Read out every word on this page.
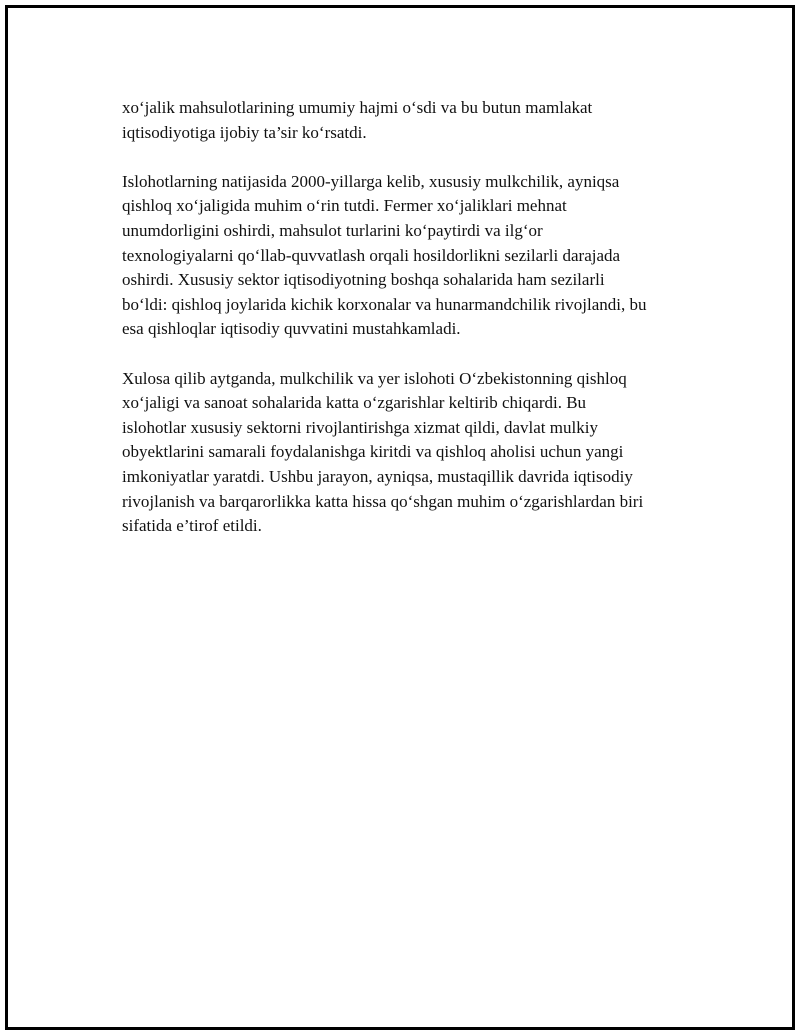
xo‘jalik mahsulotlarining umumiy hajmi o‘sdi va bu butun mamlakat
iqtisodiyotiga ijobiy ta’sir ko‘rsatdi.

Islohotlarning natijasida 2000-yillarga kelib, xususiy mulkchilik, ayniqsa
qishloq xo‘jaligida muhim o‘rin tutdi. Fermer xo‘jaliklari mehnat
unumdorligini oshirdi, mahsulot turlarini ko‘paytirdi va ilg‘or
texnologiyalarni qo‘llab-quvvatlash orqali hosildorlikni sezilarli darajada
oshirdi. Xususiy sektor iqtisodiyotning boshqa sohalarida ham sezilarli
bo‘ldi: qishloq joylarida kichik korxonalar va hunarmandchilik rivojlandi, bu
esa qishloqlar iqtisodiy quvvatini mustahkamladi.

Xulosa qilib aytganda, mulkchilik va yer islohoti O‘zbekistonning qishloq
xo‘jaligi va sanoat sohalarida katta o‘zgarishlar keltirib chiqardi. Bu
islohotlar xususiy sektorni rivojlantirishga xizmat qildi, davlat mulkiy
obyektlarini samarali foydalanishga kiritdi va qishloq aholisi uchun yangi
imkoniyatlar yaratdi. Ushbu jarayon, ayniqsa, mustaqillik davrida iqtisodiy
rivojlanish va barqarorlikka katta hissa qo‘shgan muhim o‘zgarishlardan biri
sifatida e’tirof etildi.
